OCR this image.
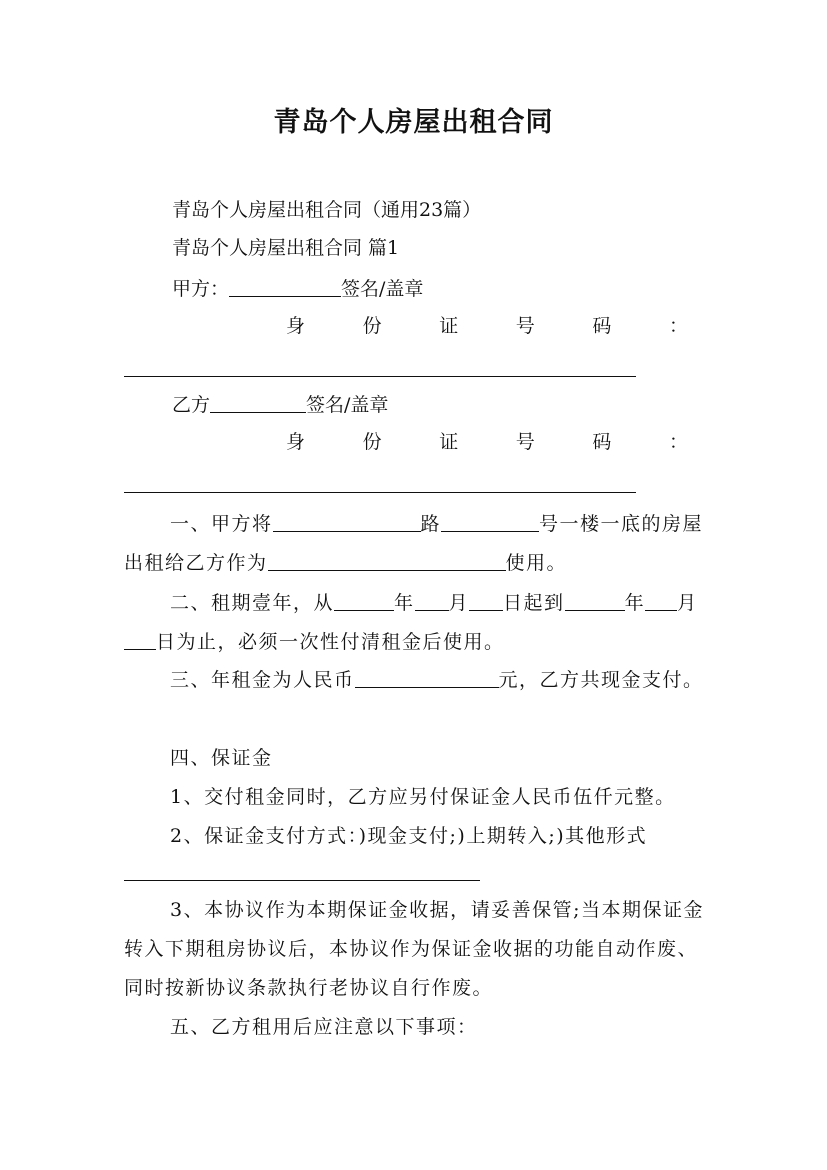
青岛个人房屋出租合同
青岛个人房屋出租合同（通用23篇）
青岛个人房屋出租合同 篇1
甲方：	签名/盖章
身	份	证	号	码	：
乙方	签名/盖章
身	份	证	号	码	：
一、甲方将	路	号一楼一底的房屋出租给乙方作为	使用。
二、租期壹年，从	年 月 日起到	年 月日为止，必须一次性付清租金后使用。
三、年租金为人民币	元，乙方共现金支付。
四、保证金
1、交付租金同时，乙方应另付保证金人民币伍仟元整。
2、保证金支付方式：)现金支付;)上期转入;)其他形式
3、本协议作为本期保证金收据，请妥善保管;当本期保证金转入下期租房协议后，本协议作为保证金收据的功能自动作废、同时按新协议条款执行老协议自行作废。
五、乙方租用后应注意以下事项：
